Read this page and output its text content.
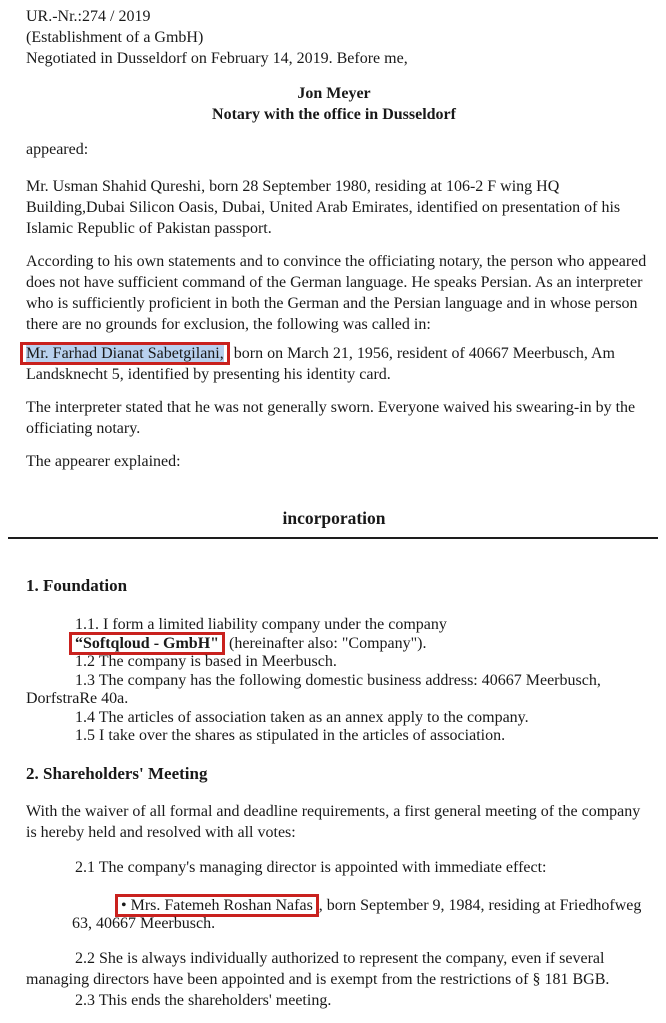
UR.-Nr.:274 / 2019
(Establishment of a GmbH)
Negotiated in Dusseldorf on February 14, 2019. Before me,
Jon Meyer
Notary with the office in Dusseldorf
appeared:
Mr. Usman Shahid Qureshi, born 28 September 1980, residing at 106-2 F wing HQ
Building,Dubai Silicon Oasis, Dubai, United Arab Emirates, identified on presentation of his
Islamic Republic of Pakistan passport.
According to his own statements and to convince the officiating notary, the person who appeared
does not have sufficient command of the German language. He speaks Persian. As an interpreter
who is sufficiently proficient in both the German and the Persian language and in whose person
there are no grounds for exclusion, the following was called in:
Mr. Farhad Dianat Sabetgilani, born on March 21, 1956, resident of 40667 Meerbusch, Am
Landsknecht 5, identified by presenting his identity card.
The interpreter stated that he was not generally sworn. Everyone waived his swearing-in by the
officiating notary.
The appearer explained:
incorporation
1. Foundation
1.1. I form a limited liability company under the company
“Softqloud - GmbH" (hereinafter also: "Company").
1.2 The company is based in Meerbusch.
1.3 The company has the following domestic business address: 40667 Meerbusch,
DorfstraRe 40a.
1.4 The articles of association taken as an annex apply to the company.
1.5 I take over the shares as stipulated in the articles of association.
2. Shareholders' Meeting
With the waiver of all formal and deadline requirements, a first general meeting of the company
is hereby held and resolved with all votes:
2.1 The company's managing director is appointed with immediate effect:
• Mrs. Fatemeh Roshan Nafas , born September 9, 1984, residing at Friedhofweg
63, 40667 Meerbusch.
2.2 She is always individually authorized to represent the company, even if several
managing directors have been appointed and is exempt from the restrictions of § 181 BGB.
2.3 This ends the shareholders' meeting.
